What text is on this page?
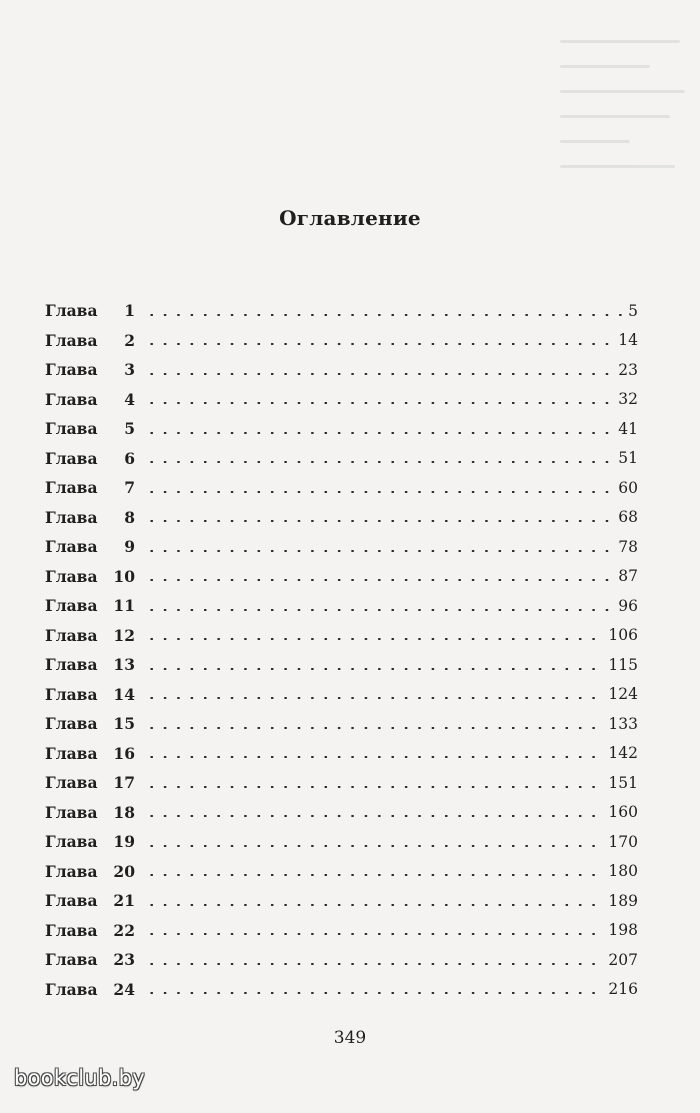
Оглавление
Глава	1	5
Глава	2	14
Глава	3	23
Глава	4	32
Глава	5	41
Глава	6	51
Глава	7	60
Глава	8	68
Глава	9	78
Глава	10	87
Глава	11	96
Глава	12	106
Глава	13	115
Глава	14	124
Глава	15	133
Глава	16	142
Глава	17	151
Глава	18	160
Глава	19	170
Глава	20	180
Глава	21	189
Глава	22	198
Глава	23	207
Глава	24	216
349
bookclub.by
